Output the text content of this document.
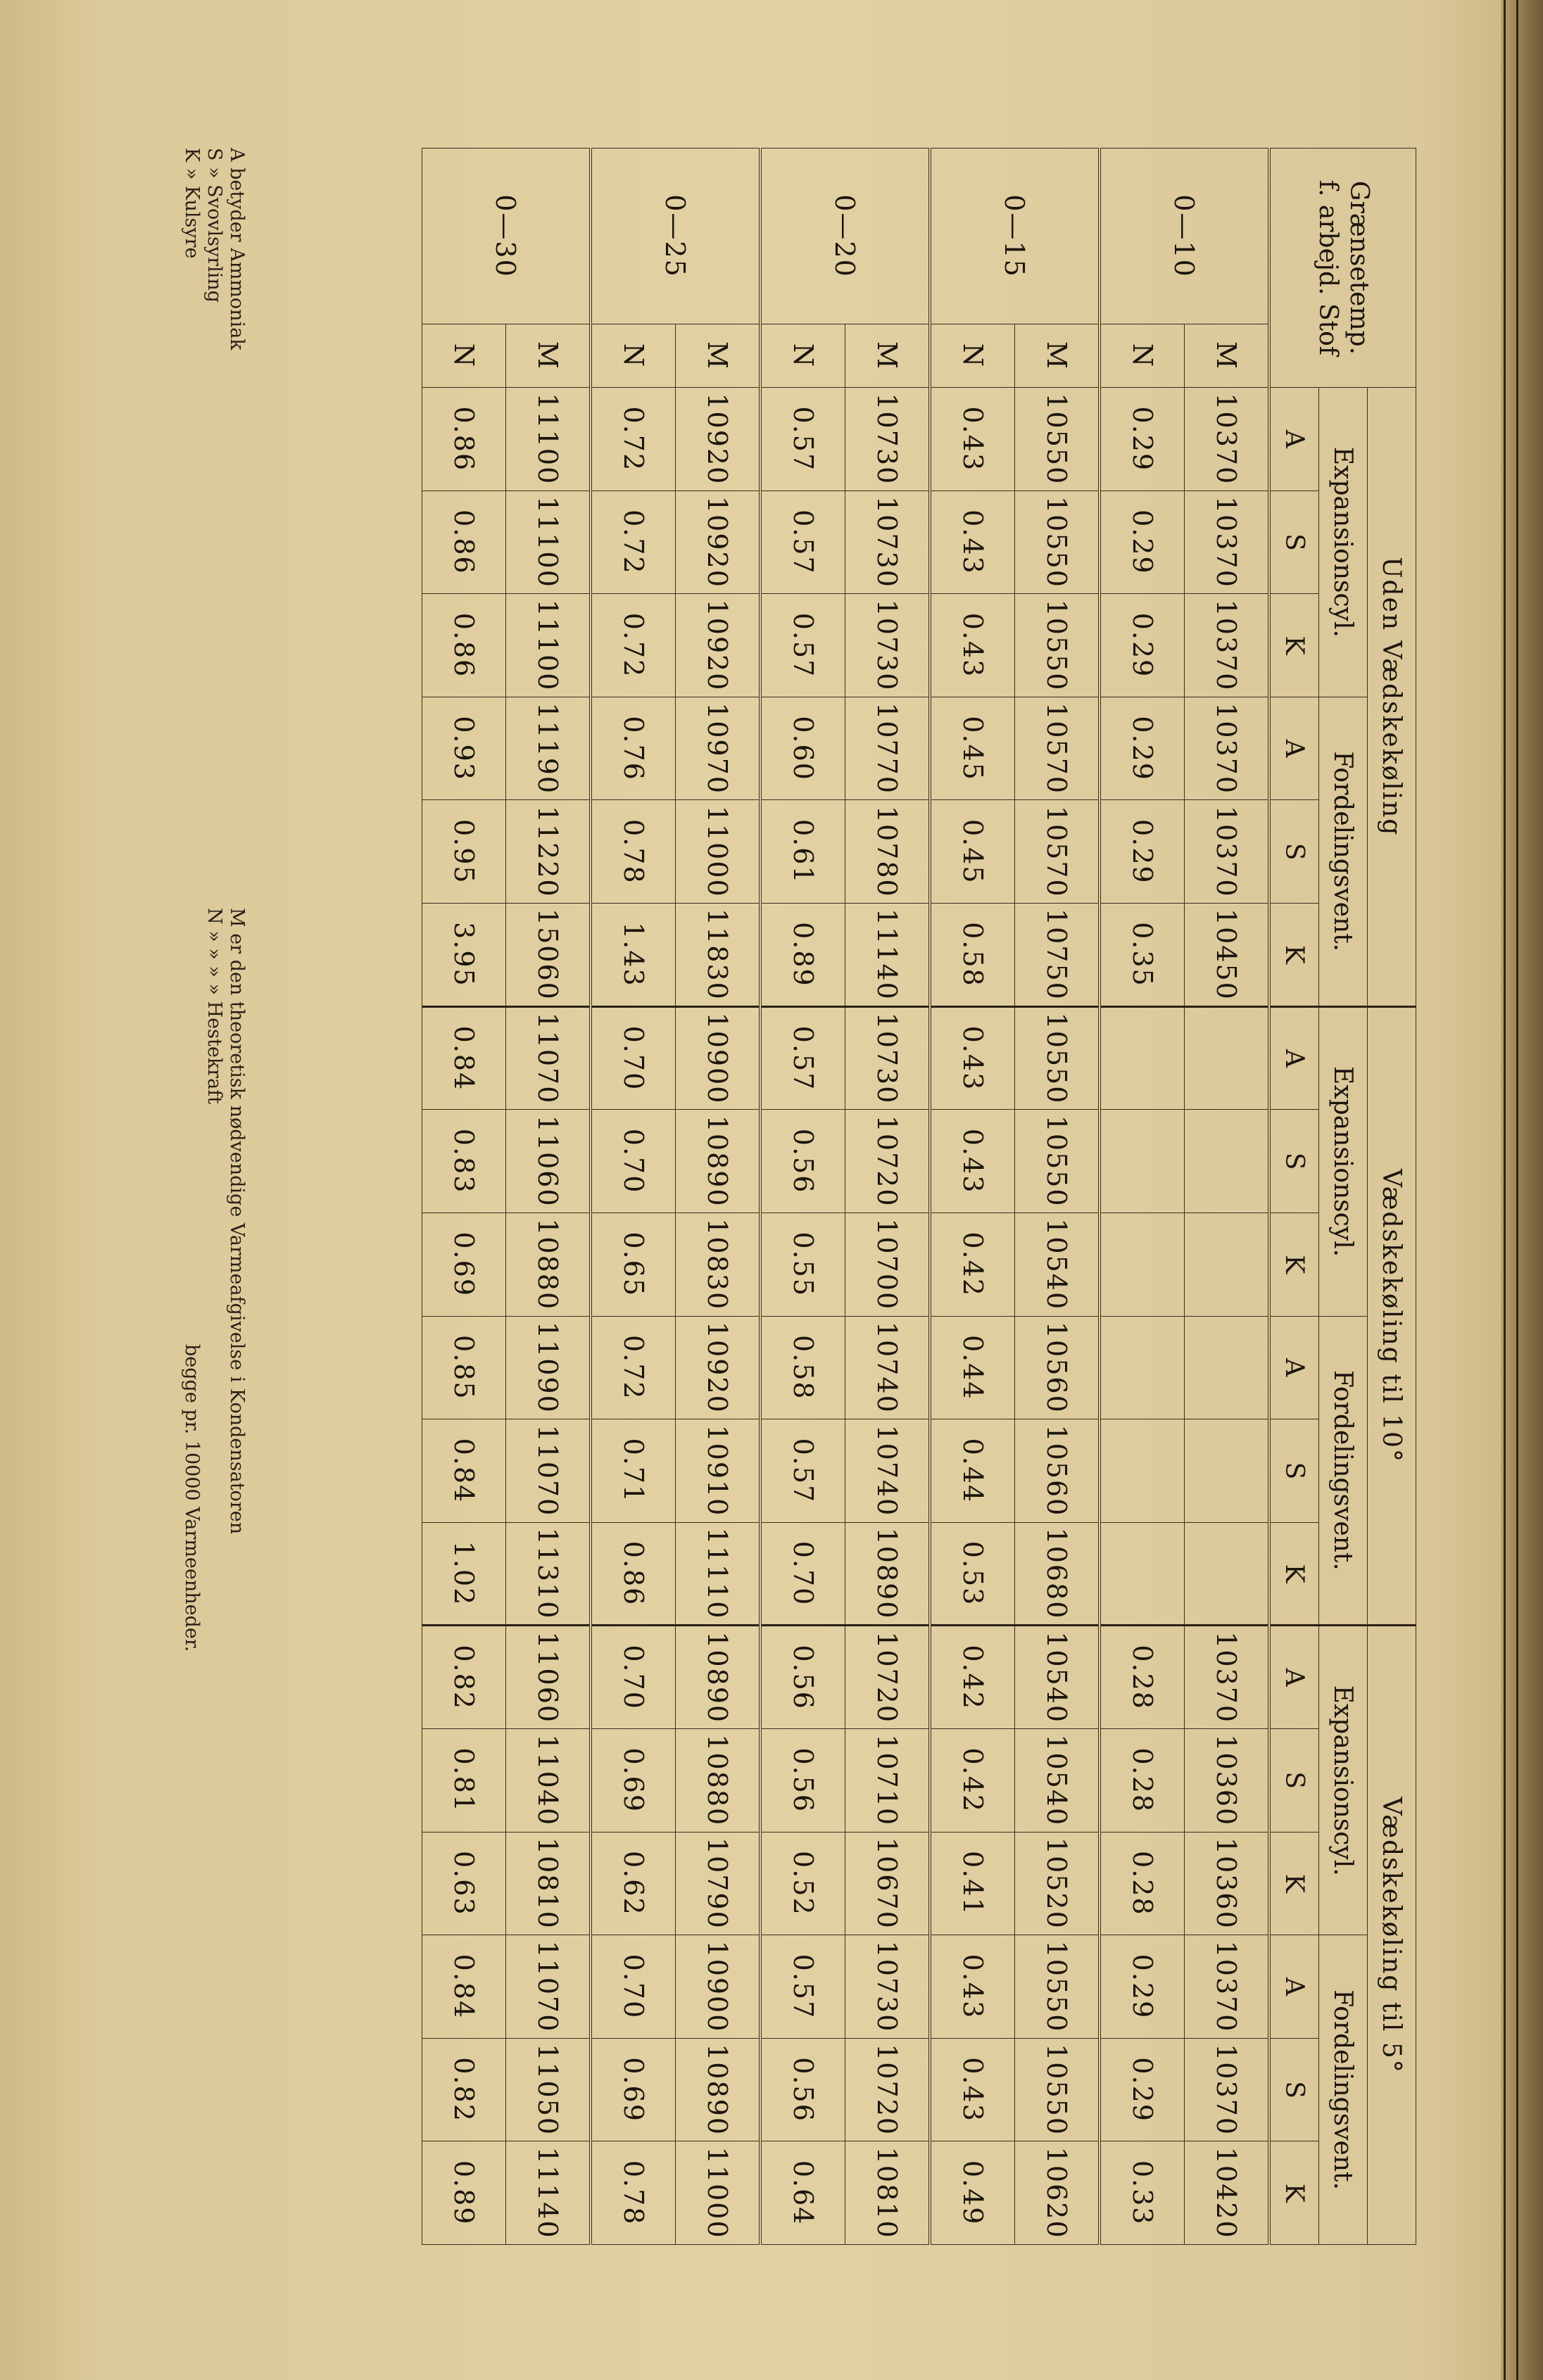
Grænsetemp.
f. arbejd. Stof		Uden Vædskekøling						Vædskekøling til 10°						Vædskekøling til 5°					
		Expansionscyl.			Fordelingsvent.			Expansionscyl.			Fordelingsvent.			Expansionscyl.			Fordelingsvent.		
		A	S	K	A	S	K	A	S	K	A	S	K	A	S	K	A	S	K
0—10	M	10370	10370	10370	10370	10370	10450							10370	10360	10360	10370	10370	10420
	N	0.29	0.29	0.29	0.29	0.29	0.35							0.28	0.28	0.28	0.29	0.29	0.33
0—15	M	10550	10550	10550	10570	10570	10750	10550	10550	10540	10560	10560	10680	10540	10540	10520	10550	10550	10620
	N	0.43	0.43	0.43	0.45	0.45	0.58	0.43	0.43	0.42	0.44	0.44	0.53	0.42	0.42	0.41	0.43	0.43	0.49
0—20	M	10730	10730	10730	10770	10780	11140	10730	10720	10700	10740	10740	10890	10720	10710	10670	10730	10720	10810
	N	0.57	0.57	0.57	0.60	0.61	0.89	0.57	0.56	0.55	0.58	0.57	0.70	0.56	0.56	0.52	0.57	0.56	0.64
0—25	M	10920	10920	10920	10970	11000	11830	10900	10890	10830	10920	10910	11110	10890	10880	10790	10900	10890	11000
	N	0.72	0.72	0.72	0.76	0.78	1.43	0.70	0.70	0.65	0.72	0.71	0.86	0.70	0.69	0.62	0.70	0.69	0.78
0—30	M	11100	11100	11100	11190	11220	15060	11070	11060	10880	11090	11070	11310	11060	11040	10810	11070	11050	11140
	N	0.86	0.86	0.86	0.93	0.95	3.95	0.84	0.83	0.69	0.85	0.84	1.02	0.82	0.81	0.63	0.84	0.82	0.89
A betyder Ammoniak
S » Svovlsyrling
K » Kulsyre
M er den theoretisk nødvendige Varmeafgivelse i Kondensatoren
N » » » » Hestekraft
begge pr. 10000 Varmeenheder.
